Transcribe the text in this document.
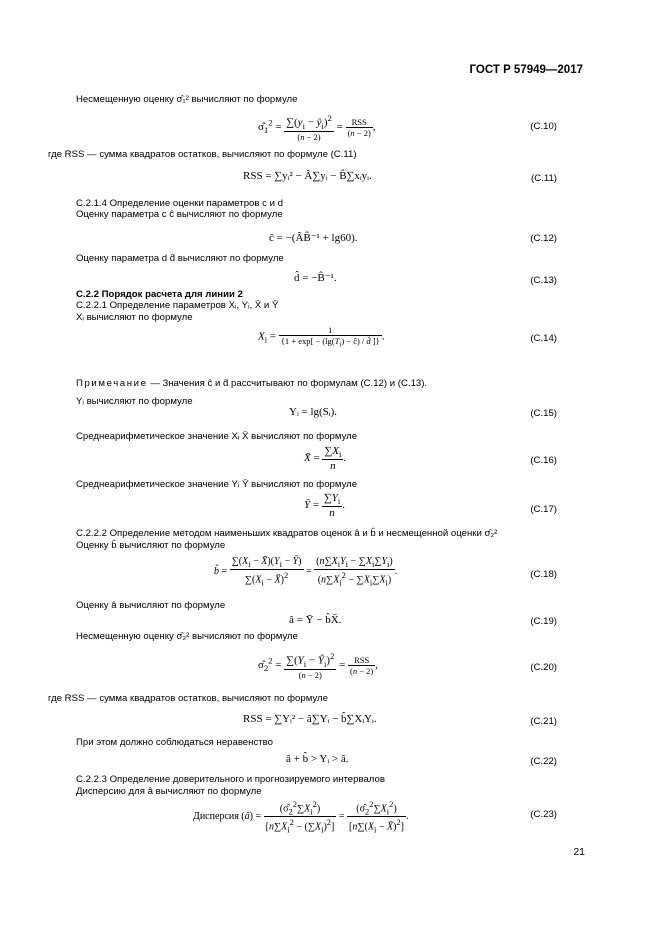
ГОСТ Р 57949—2017
Несмещенную оценку σ̂₁² вычисляют по формуле
$\sigmâ_1^2 = \frac{\sum(y_i - ŷ_i)^2}{(n - 2)} = \frac{\text{RSS}}{(n - 2)}$ ,	(С.10)
где RSS — сумма квадратов остатков, вычисляют по формуле (С.11)
RSS = ∑yᵢ² − Â∑yᵢ − B̂∑xᵢyᵢ.	(С.11)
С.2.1.4 Определение оценки параметров c и d
Оценку параметра c ĉ вычисляют по формуле
ĉ = −(ÂB̂⁻¹ + lg60).	(С.12)
Оценку параметра d d̂ вычисляют по формуле
d̂ = −B̂⁻¹.	(С.13)
С.2.2 Порядок расчета для линии 2
С.2.2.1 Определение параметров Xᵢ, Yᵢ, X̄ и Ȳ
Xᵢ вычисляют по формуле
$X_i = \frac{1}{\{1 + \exp[ - (\lg(T_i) - ĉ) / d̂ ]\}}$ .	(С.14)
Примечание — Значения ĉ и d̂ рассчитывают по формулам (С.12) и (С.13).
Yᵢ вычисляют по формуле
Yᵢ = lg(Sᵢ).	(С.15)
Среднеарифметическое значение Xᵢ X̄ вычисляют по формуле
X̄ = $\frac{\sum X_i}{n}$ .	(С.16)
Среднеарифметическое значение Yᵢ Ȳ вычисляют по формуле
Ȳ = $\frac{\sum Y_i}{n}$ .	(С.17)
С.2.2.2 Определение методом наименьших квадратов оценок â и b̂ и несмещенной оценки σ̂₂²
Оценку b̂ вычисляют по формуле
b̂ = $\frac{\sum(X_i - X̄)(Y_i - Ȳ)}{\sum(X_i - X̄)^2} = \frac{(n\sum X_iY_i - \sum X_i\sum Y_i)}{(n\sum X_i^2 - \sum X_i\sum X_i)}$ .	(С.18)
Оценку â вычисляют по формуле
â = Ȳ − b̂X̄.	(С.19)
Несмещенную оценку σ̂₂² вычисляют по формуле
$\sigmâ_2^2 = \frac{\sum(Y_i - Ŷ_i)^2}{(n - 2)} = \frac{\text{RSS}}{(n - 2)}$ ,	(С.20)
где RSS — сумма квадратов остатков, вычисляют по формуле
RSS = ∑Yᵢ² − â∑Yᵢ − b̂∑XᵢYᵢ.	(С.21)
При этом должно соблюдаться неравенство
â + b̂ > Yᵢ > â.	(С.22)
С.2.2.3 Определение доверительного и прогнозируемого интервалов
Дисперсию для â вычисляют по формуле
Дисперсия (â) = $\frac{(\sigmâ_2^2\sum X_i^2)}{[n\sum X_i^2 - (\sum X_i)^2]} = \frac{(\sigmâ_2^2\sum X_i^2)}{[n\sum(X_i - X̄)^2]}$ .	(С.23)
21
